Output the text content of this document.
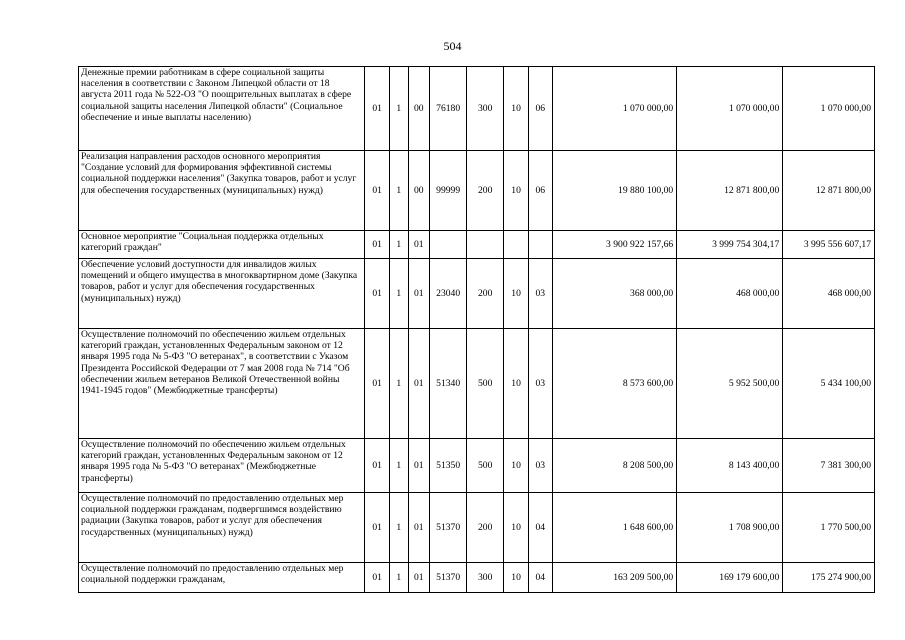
504
Денежные премии работникам в сфере социальной защиты населения в соответствии с Законом Липецкой области от 18 августа 2011 года № 522-ОЗ "О поощрительных выплатах в сфере социальной защиты населения Липецкой области" (Социальное обеспечение и иные выплаты населению)	01	1	00	76180	300	10	06	1 070 000,00	1 070 000,00	1 070 000,00
Реализация направления расходов основного мероприятия "Создание условий для формирования эффективной системы социальной поддержки населения" (Закупка товаров, работ и услуг для обеспечения государственных (муниципальных) нужд)	01	1	00	99999	200	10	06	19 880 100,00	12 871 800,00	12 871 800,00
Основное мероприятие "Социальная поддержка отдельных категорий граждан"	01	1	01					3 900 922 157,66	3 999 754 304,17	3 995 556 607,17
Обеспечение условий доступности для инвалидов жилых помещений и общего имущества в многоквартирном доме (Закупка товаров, работ и услуг для обеспечения государственных (муниципальных) нужд)	01	1	01	23040	200	10	03	368 000,00	468 000,00	468 000,00
Осуществление полномочий по обеспечению жильем отдельных категорий граждан, установленных Федеральным законом от 12 января 1995 года № 5-ФЗ "О ветеранах", в соответствии с Указом Президента Российской Федерации от 7 мая 2008 года № 714 "Об обеспечении жильем ветеранов Великой Отечественной войны 1941-1945 годов" (Межбюджетные трансферты)	01	1	01	51340	500	10	03	8 573 600,00	5 952 500,00	5 434 100,00
Осуществление полномочий по обеспечению жильем отдельных категорий граждан, установленных Федеральным законом от 12 января 1995 года № 5-ФЗ "О ветеранах" (Межбюджетные трансферты)	01	1	01	51350	500	10	03	8 208 500,00	8 143 400,00	7 381 300,00
Осуществление полномочий по предоставлению отдельных мер социальной поддержки гражданам, подвергшимся воздействию радиации (Закупка товаров, работ и услуг для обеспечения государственных (муниципальных) нужд)	01	1	01	51370	200	10	04	1 648 600,00	1 708 900,00	1 770 500,00
Осуществление полномочий по предоставлению отдельных мер социальной поддержки гражданам,	01	1	01	51370	300	10	04	163 209 500,00	169 179 600,00	175 274 900,00
